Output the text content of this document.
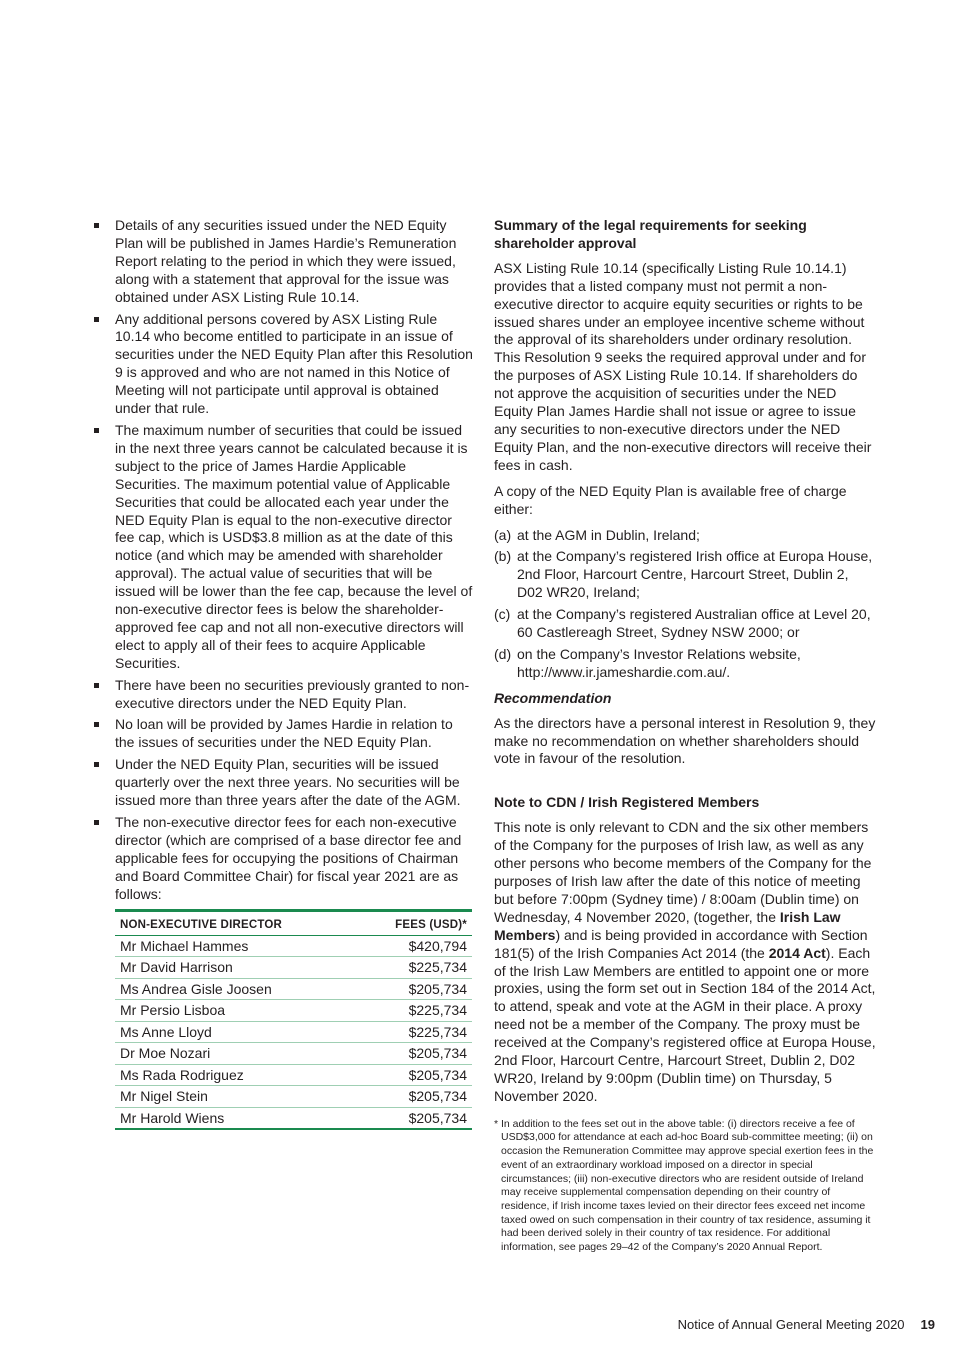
Details of any securities issued under the NED Equity Plan will be published in James Hardie’s Remuneration Report relating to the period in which they were issued, along with a statement that approval for the issue was obtained under ASX Listing Rule 10.14.
Any additional persons covered by ASX Listing Rule 10.14 who become entitled to participate in an issue of securities under the NED Equity Plan after this Resolution 9 is approved and who are not named in this Notice of Meeting will not participate until approval is obtained under that rule.
The maximum number of securities that could be issued in the next three years cannot be calculated because it is subject to the price of James Hardie Applicable Securities. The maximum potential value of Applicable Securities that could be allocated each year under the NED Equity Plan is equal to the non-executive director fee cap, which is USD$3.8 million as at the date of this notice (and which may be amended with shareholder approval). The actual value of securities that will be issued will be lower than the fee cap, because the level of non-executive director fees is below the shareholder-approved fee cap and not all non-executive directors will elect to apply all of their fees to acquire Applicable Securities.
There have been no securities previously granted to non-executive directors under the NED Equity Plan.
No loan will be provided by James Hardie in relation to the issues of securities under the NED Equity Plan.
Under the NED Equity Plan, securities will be issued quarterly over the next three years. No securities will be issued more than three years after the date of the AGM.
The non-executive director fees for each non-executive director (which are comprised of a base director fee and applicable fees for occupying the positions of Chairman and Board Committee Chair) for fiscal year 2021 are as follows:
NON-EXECUTIVE DIRECTOR	FEES (USD)*
Mr Michael Hammes	$420,794
Mr David Harrison	$225,734
Ms Andrea Gisle Joosen	$205,734
Mr Persio Lisboa	$225,734
Ms Anne Lloyd	$225,734
Dr Moe Nozari	$205,734
Ms Rada Rodriguez	$205,734
Mr Nigel Stein	$205,734
Mr Harold Wiens	$205,734
Summary of the legal requirements for seeking shareholder approval

ASX Listing Rule 10.14 (specifically Listing Rule 10.14.1) provides that a listed company must not permit a non-executive director to acquire equity securities or rights to be issued shares under an employee incentive scheme without the approval of its shareholders under ordinary resolution. This Resolution 9 seeks the required approval under and for the purposes of ASX Listing Rule 10.14. If shareholders do not approve the acquisition of securities under the NED Equity Plan James Hardie shall not issue or agree to issue any securities to non-executive directors under the NED Equity Plan, and the non-executive directors will receive their fees in cash.

A copy of the NED Equity Plan is available free of charge either:

(a) at the AGM in Dublin, Ireland;
(b) at the Company’s registered Irish office at Europa House, 2nd Floor, Harcourt Centre, Harcourt Street, Dublin 2, D02 WR20, Ireland;
(c) at the Company’s registered Australian office at Level 20, 60 Castlereagh Street, Sydney NSW 2000; or
(d) on the Company’s Investor Relations website, http://www.ir.jameshardie.com.au/.
Recommendation

As the directors have a personal interest in Resolution 9, they make no recommendation on whether shareholders should vote in favour of the resolution.

Note to CDN / Irish Registered Members

This note is only relevant to CDN and the six other members of the Company for the purposes of Irish law, as well as any other persons who become members of the Company for the purposes of Irish law after the date of this notice of meeting but before 7:00pm (Sydney time) / 8:00am (Dublin time) on Wednesday, 4 November 2020, (together, the Irish Law Members) and is being provided in accordance with Section 181(5) of the Irish Companies Act 2014 (the 2014 Act). Each of the Irish Law Members are entitled to appoint one or more proxies, using the form set out in Section 184 of the 2014 Act, to attend, speak and vote at the AGM in their place. A proxy need not be a member of the Company. The proxy must be received at the Company’s registered office at Europa House, 2nd Floor, Harcourt Centre, Harcourt Street, Dublin 2, D02 WR20, Ireland by 9:00pm (Dublin time) on Thursday, 5 November 2020.

* In addition to the fees set out in the above table: (i) directors receive a fee of USD$3,000 for attendance at each ad-hoc Board sub-committee meeting; (ii) on occasion the Remuneration Committee may approve special exertion fees in the event of an extraordinary workload imposed on a director in special circumstances; (iii) non-executive directors who are resident outside of Ireland may receive supplemental compensation depending on their country of residence, if Irish income taxes levied on their director fees exceed net income taxed owed on such compensation in their country of tax residence, assuming it had been derived solely in their country of tax residence. For additional information, see pages 29–42 of the Company’s 2020 Annual Report.
Notice of Annual General Meeting 2020 19
